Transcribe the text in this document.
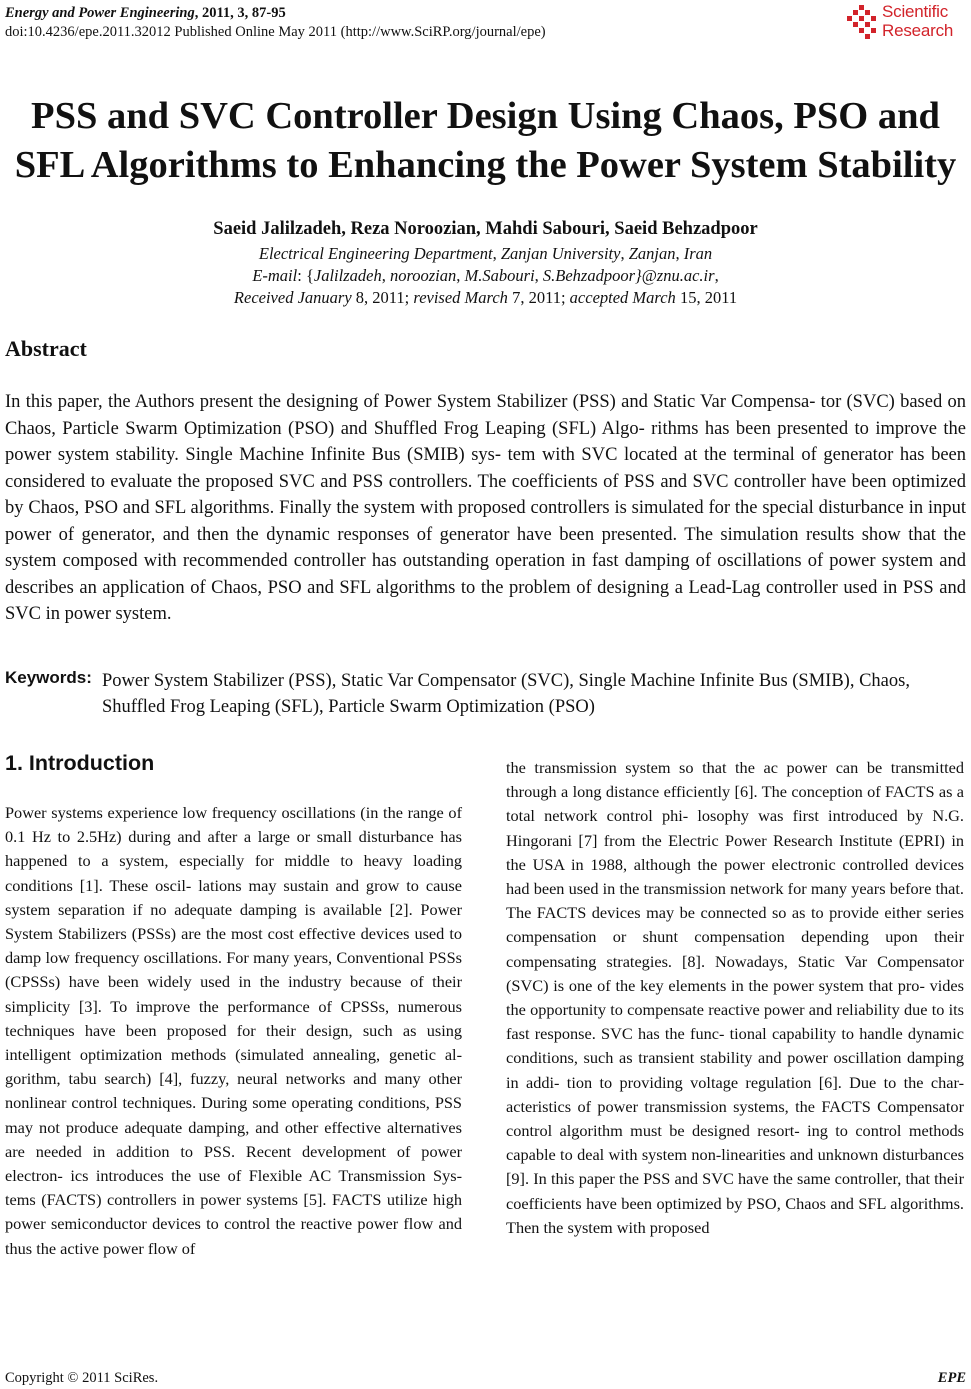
Energy and Power Engineering, 2011, 3, 87-95
doi:10.4236/epe.2011.32012 Published Online May 2011 (http://www.SciRP.org/journal/epe)
Scientific
Research
PSS and SVC Controller Design Using Chaos, PSO and
SFL Algorithms to Enhancing the Power System Stability
Saeid Jalilzadeh, Reza Noroozian, Mahdi Sabouri, Saeid Behzadpoor
Electrical Engineering Department, Zanjan University, Zanjan, Iran
E-mail: {Jalilzadeh, noroozian, M.Sabouri, S.Behzadpoor}@znu.ac.ir,
Received January 8, 2011; revised March 7, 2011; accepted March 15, 2011
Abstract

In this paper, the Authors present the designing of Power System Stabilizer (PSS) and Static Var Compensa- tor (SVC) based on Chaos, Particle Swarm Optimization (PSO) and Shuffled Frog Leaping (SFL) Algo- rithms has been presented to improve the power system stability. Single Machine Infinite Bus (SMIB) sys- tem with SVC located at the terminal of generator has been considered to evaluate the proposed SVC and PSS controllers. The coefficients of PSS and SVC controller have been optimized by Chaos, PSO and SFL algorithms. Finally the system with proposed controllers is simulated for the special disturbance in input power of generator, and then the dynamic responses of generator have been presented. The simulation results show that the system composed with recommended controller has outstanding operation in fast damping of oscillations of power system and describes an application of Chaos, PSO and SFL algorithms to the problem of designing a Lead-Lag controller used in PSS and SVC in power system.

Keywords: Power System Stabilizer (PSS), Static Var Compensator (SVC), Single Machine Infinite Bus (SMIB), Chaos, Shuffled Frog Leaping (SFL), Particle Swarm Optimization (PSO)

1. Introduction

Power systems experience low frequency oscillations (in the range of 0.1 Hz to 2.5Hz) during and after a large or small disturbance has happened to a system, especially for middle to heavy loading conditions [1]. These oscil- lations may sustain and grow to cause system separation if no adequate damping is available [2]. Power System Stabilizers (PSSs) are the most cost effective devices used to damp low frequency oscillations. For many years, Conventional PSSs (CPSSs) have been widely used in the industry because of their simplicity [3]. To improve the performance of CPSSs, numerous techniques have been proposed for their design, such as using intelligent optimization methods (simulated annealing, genetic al- gorithm, tabu search) [4], fuzzy, neural networks and many other nonlinear control techniques. During some operating conditions, PSS may not produce adequate damping, and other effective alternatives are needed in addition to PSS. Recent development of power electron- ics introduces the use of Flexible AC Transmission Sys- tems (FACTS) controllers in power systems [5]. FACTS utilize high power semiconductor devices to control the reactive power flow and thus the active power flow of

the transmission system so that the ac power can be transmitted through a long distance efficiently [6]. The conception of FACTS as a total network control phi- losophy was first introduced by N.G. Hingorani [7] from the Electric Power Research Institute (EPRI) in the USA in 1988, although the power electronic controlled devices had been used in the transmission network for many years before that. The FACTS devices may be connected so as to provide either series compensation or shunt compensation depending upon their compensating strategies. [8]. Nowadays, Static Var Compensator (SVC) is one of the key elements in the power system that pro- vides the opportunity to compensate reactive power and reliability due to its fast response. SVC has the func- tional capability to handle dynamic conditions, such as transient stability and power oscillation damping in addi- tion to providing voltage regulation [6]. Due to the char- acteristics of power transmission systems, the FACTS Compensator control algorithm must be designed resort- ing to control methods capable to deal with system non-linearities and unknown disturbances [9]. In this paper the PSS and SVC have the same controller, that their coefficients have been optimized by PSO, Chaos and SFL algorithms. Then the system with proposed

Copyright © 2011 SciRes.	EPE
